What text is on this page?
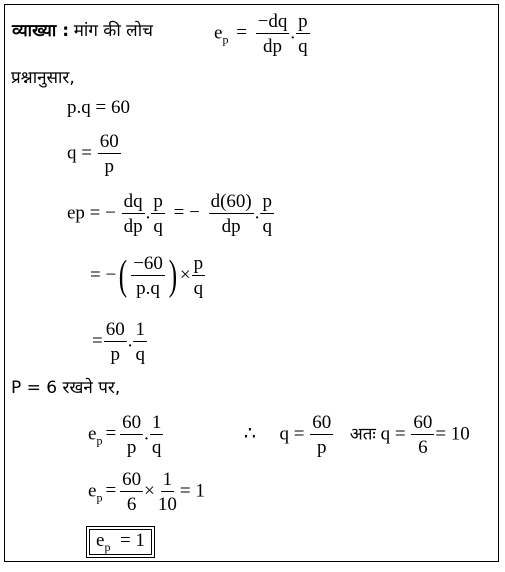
व्याख्या : मांग की लोच	$e_p = \frac{-dq}{dp}$ . $\frac{p}{q}$
प्रश्नानुसार,
p.q = 60
$q = \frac{60}{p}$
ep = − $\frac{dq}{dp}$ . $\frac{p}{q}$ = − $\frac{d(60)}{dp}$ . $\frac{p}{q}$
= −( $\frac{-60}{p.q}$ ) × $\frac{p}{q}$
= $\frac{60}{p}$ . $\frac{1}{q}$
P = 6 रखने पर,
$e_p = \frac{60}{p}$ . $\frac{1}{q}$	∴ $q = \frac{60}{p}$ अतः $q = \frac{60}{6} = 10$
$e_p = \frac{60}{6} \times \frac{1}{10} = 1$
$e_p = 1$
